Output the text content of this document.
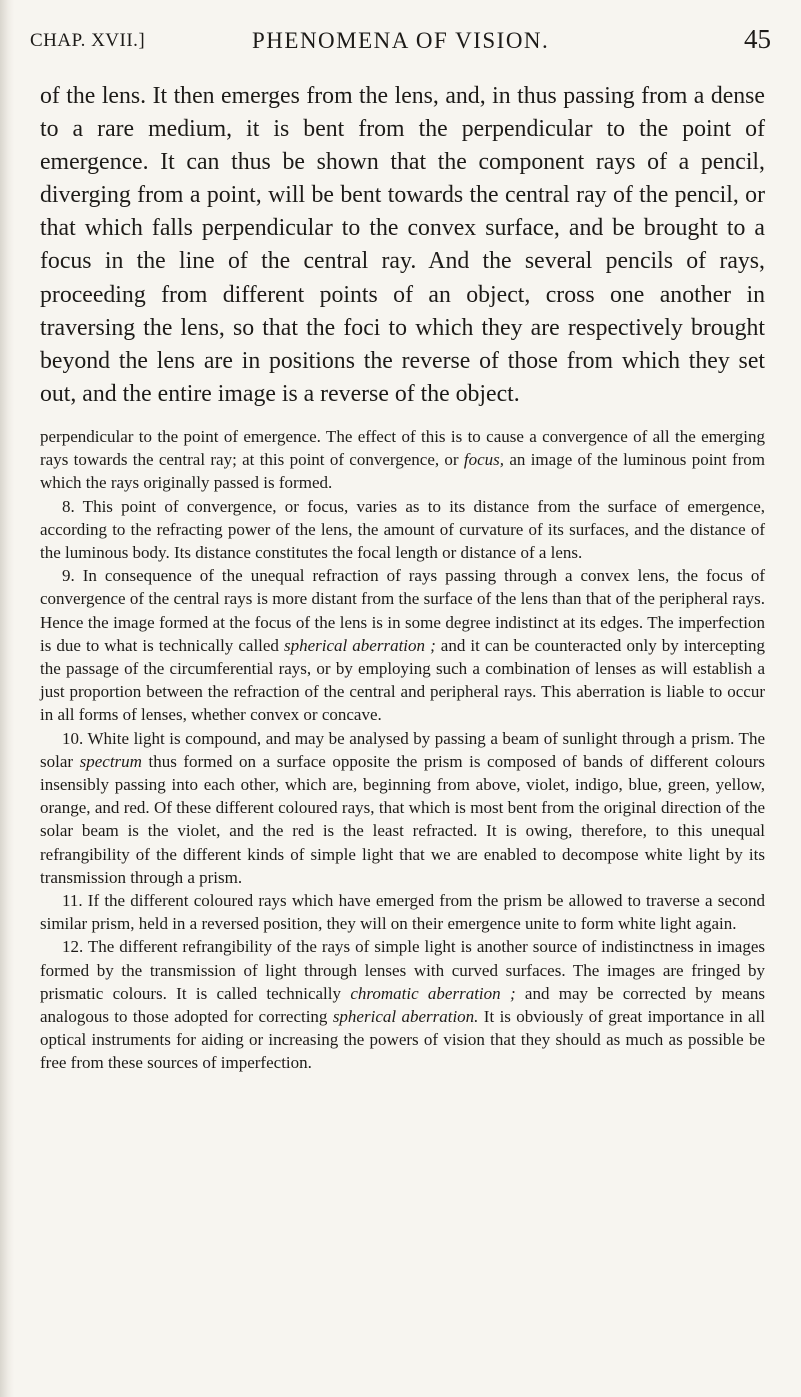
CHAP. XVII.]	PHENOMENA OF VISION.	45

of the lens. It then emerges from the lens, and, in thus passing from a dense to a rare medium, it is bent from the perpendicular to the point of emergence. It can thus be shown that the component rays of a pencil, diverging from a point, will be bent towards the central ray of the pencil, or that which falls perpendicular to the convex surface, and be brought to a focus in the line of the central ray. And the several pencils of rays, proceeding from different points of an object, cross one another in traversing the lens, so that the foci to which they are respectively brought beyond the lens are in positions the reverse of those from which they set out, and the entire image is a reverse of the object.

perpendicular to the point of emergence. The effect of this is to cause a convergence of all the emerging rays towards the central ray; at this point of convergence, or focus, an image of the luminous point from which the rays originally passed is formed.

8. This point of convergence, or focus, varies as to its distance from the surface of emergence, according to the refracting power of the lens, the amount of curvature of its surfaces, and the distance of the luminous body. Its distance constitutes the focal length or distance of a lens.

9. In consequence of the unequal refraction of rays passing through a convex lens, the focus of convergence of the central rays is more distant from the surface of the lens than that of the peripheral rays. Hence the image formed at the focus of the lens is in some degree indistinct at its edges. The imperfection is due to what is technically called spherical aberration ; and it can be counteracted only by intercepting the passage of the circumferential rays, or by employing such a combination of lenses as will establish a just proportion between the refraction of the central and peripheral rays. This aberration is liable to occur in all forms of lenses, whether convex or concave.

10. White light is compound, and may be analysed by passing a beam of sunlight through a prism. The solar spectrum thus formed on a surface opposite the prism is composed of bands of different colours insensibly passing into each other, which are, beginning from above, violet, indigo, blue, green, yellow, orange, and red. Of these different coloured rays, that which is most bent from the original direction of the solar beam is the violet, and the red is the least refracted. It is owing, therefore, to this unequal refrangibility of the different kinds of simple light that we are enabled to decompose white light by its transmission through a prism.

11. If the different coloured rays which have emerged from the prism be allowed to traverse a second similar prism, held in a reversed position, they will on their emergence unite to form white light again.

12. The different refrangibility of the rays of simple light is another source of indistinctness in images formed by the transmission of light through lenses with curved surfaces. The images are fringed by prismatic colours. It is called technically chromatic aberration ; and may be corrected by means analogous to those adopted for correcting spherical aberration. It is obviously of great importance in all optical instruments for aiding or increasing the powers of vision that they should as much as possible be free from these sources of imperfection.
